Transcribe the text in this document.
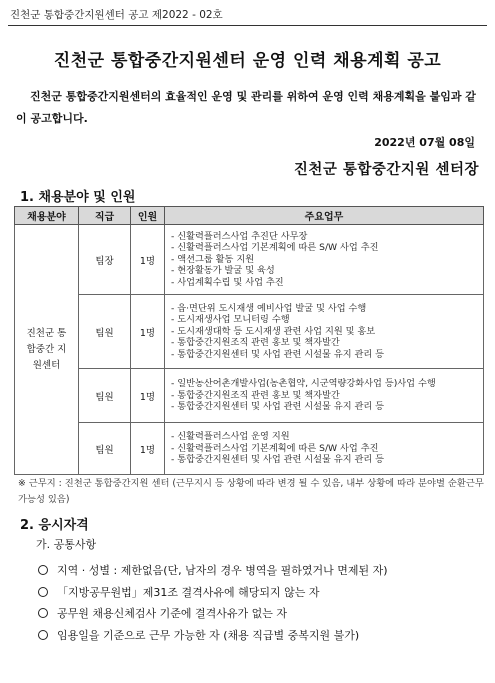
진천군 통합중간지원센터 공고 제2022 - 02호
진천군 통합중간지원센터 운영 인력 채용계획 공고
진천군 통합중간지원센터의 효율적인 운영 및 관리를 위하여 운영 인력 채용계획을 붙임과 같이 공고합니다.
2022년 07월 08일
진천군 통합중간지원 센터장
1. 채용분야 및 인원
채용분야	직급	인원	주요업무

진천군 통합중간 지원센터	팀장	1명	- 신활력플러스사업 추진단 사무장
- 신활력플러스사업 기본계획에 따른 S/W 사업 추진
- 액션그룹 활동 지원
- 현장활동가 발굴 및 육성
- 사업계획수립 및 사업 추진

	팀원	1명	- 읍·면단위 도시재생 예비사업 발굴 및 사업 수행
- 도시재생사업 모니터링 수행
- 도시재생대학 등 도시재생 관련 사업 지원 및 홍보
- 통합중간지원조직 관련 홍보 및 책자발간
- 통합중간지원센터 및 사업 관련 시설물 유지 관리 등

	팀원	1명	- 일반농산어촌개발사업(농촌협약, 시군역량강화사업 등)사업 수행
- 통합중간지원조직 관련 홍보 및 책자발간
- 통합중간지원센터 및 사업 관련 시설물 유지 관리 등

	팀원	1명	- 신활력플러스사업 운영 지원
- 신활력플러스사업 기본계획에 따른 S/W 사업 추진
- 통합중간지원센터 및 사업 관련 시설물 유지 관리 등
※ 근무지 : 진천군 통합중간지원 센터 (근무지시 등 상황에 따라 변경 될 수 있음, 내부 상황에 따라 분야별 순환근무 가능성 있음)
2. 응시자격
가. 공통사항
지역 · 성별 : 제한없음(단, 남자의 경우 병역을 필하였거나 면제된 자)
「지방공무원법」제31조 결격사유에 해당되지 않는 자
공무원 채용신체검사 기준에 결격사유가 없는 자
임용일을 기준으로 근무 가능한 자 (채용 직급별 중복지원 불가)
